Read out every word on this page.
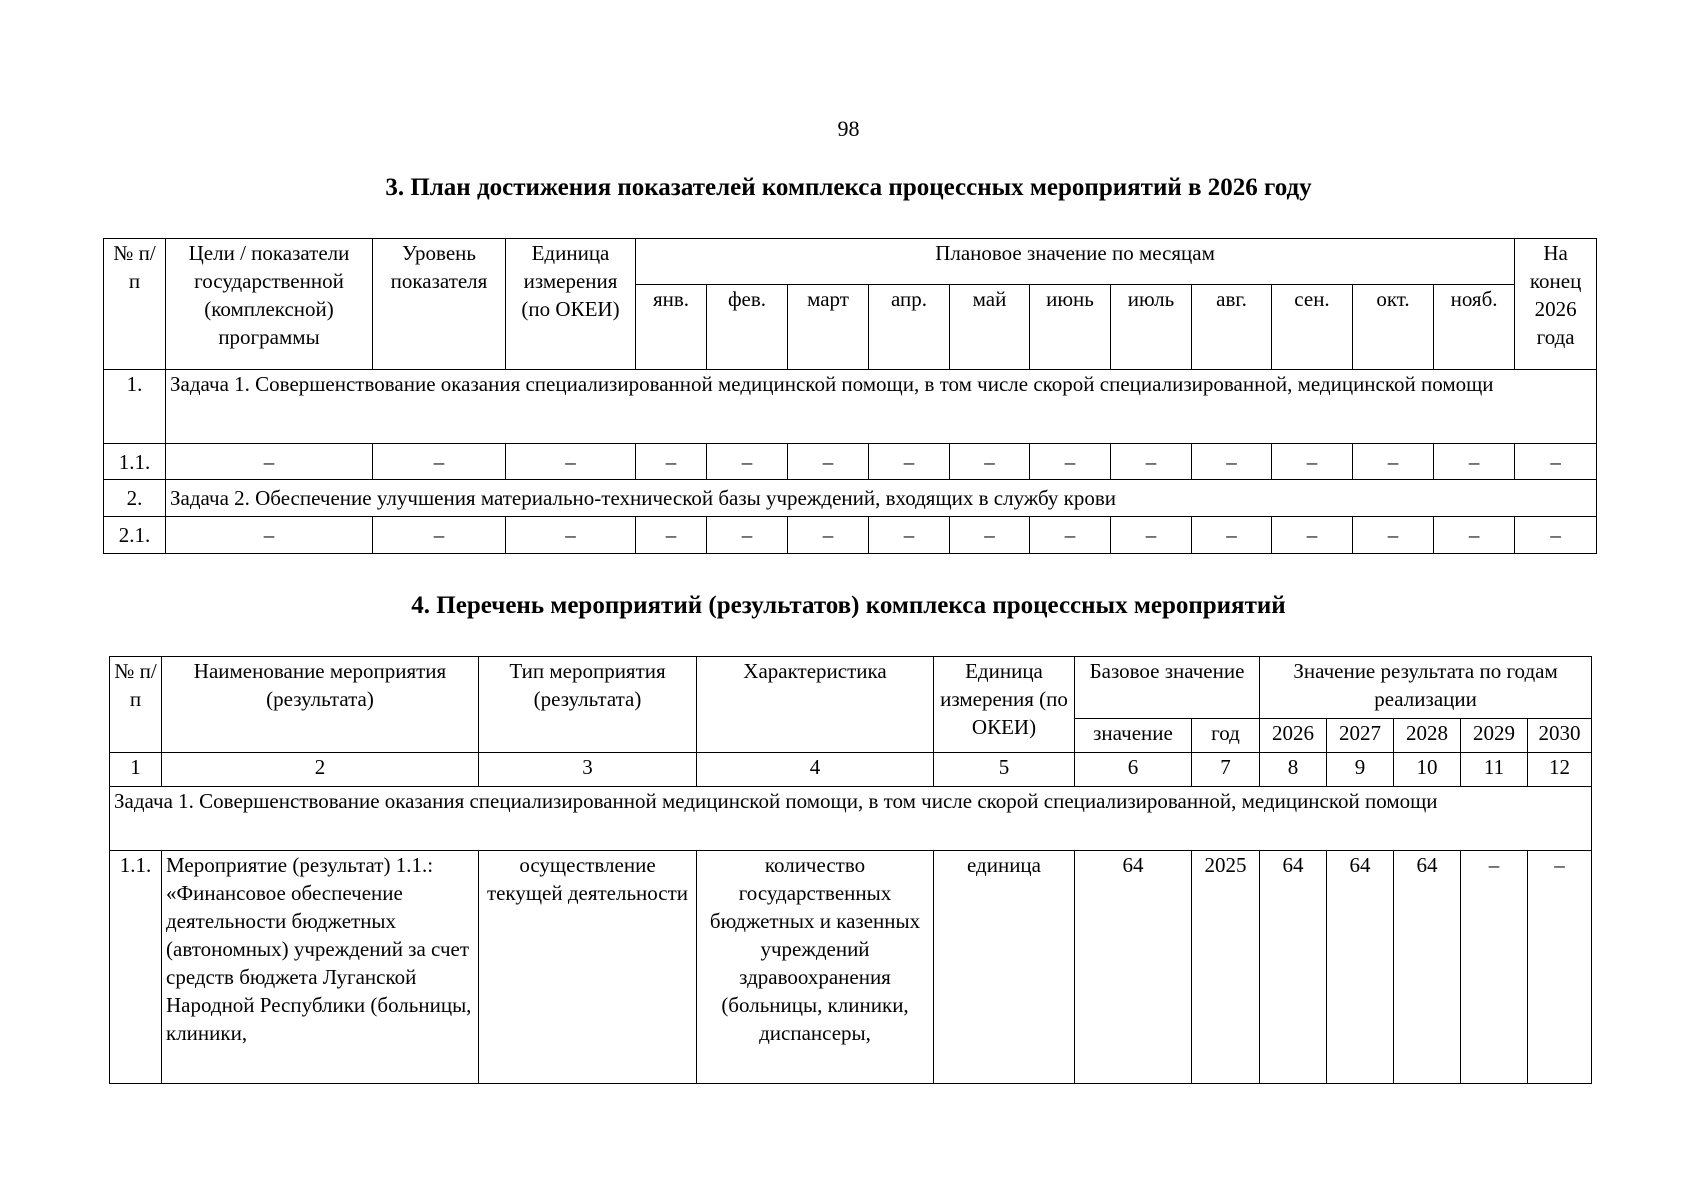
98
3. План достижения показателей комплекса процессных мероприятий в 2026 году
№ п/п	Цели / показатели государственной (комплексной) программы	Уровень показателя	Единица измерения (по ОКЕИ)	Плановое значение по месяцам											На конец 2026 года
				янв.	фев.	март	апр.	май	июнь	июль	авг.	сен.	окт.	нояб.	
1.	Задача 1. Совершенствование оказания специализированной медицинской помощи, в том числе скорой специализированной, медицинской помощи														
1.1.	–	–	–	–	–	–	–	–	–	–	–	–	–	–	–
2.	Задача 2. Обеспечение улучшения материально-технической базы учреждений, входящих в службу крови														
2.1.	–	–	–	–	–	–	–	–	–	–	–	–	–	–	–
4. Перечень мероприятий (результатов) комплекса процессных мероприятий
№ п/п	Наименование мероприятия (результата)	Тип мероприятия (результата)	Характеристика	Единица измерения (по ОКЕИ)	Базовое значение		Значение результата по годам реализации				
					значение	год	2026	2027	2028	2029	2030
1	2	3	4	5	6	7	8	9	10	11	12
Задача 1. Совершенствование оказания специализированной медицинской помощи, в том числе скорой специализированной, медицинской помощи											
1.1.	Мероприятие (результат) 1.1.: «Финансовое обеспечение деятельности бюджетных (автономных) учреждений за счет средств бюджета Луганской Народной Республики (больницы, клиники,	осуществление текущей деятельности	количество государственных бюджетных и казенных учреждений здравоохранения (больницы, клиники, диспансеры,	единица	64	2025	64	64	64	–	–
